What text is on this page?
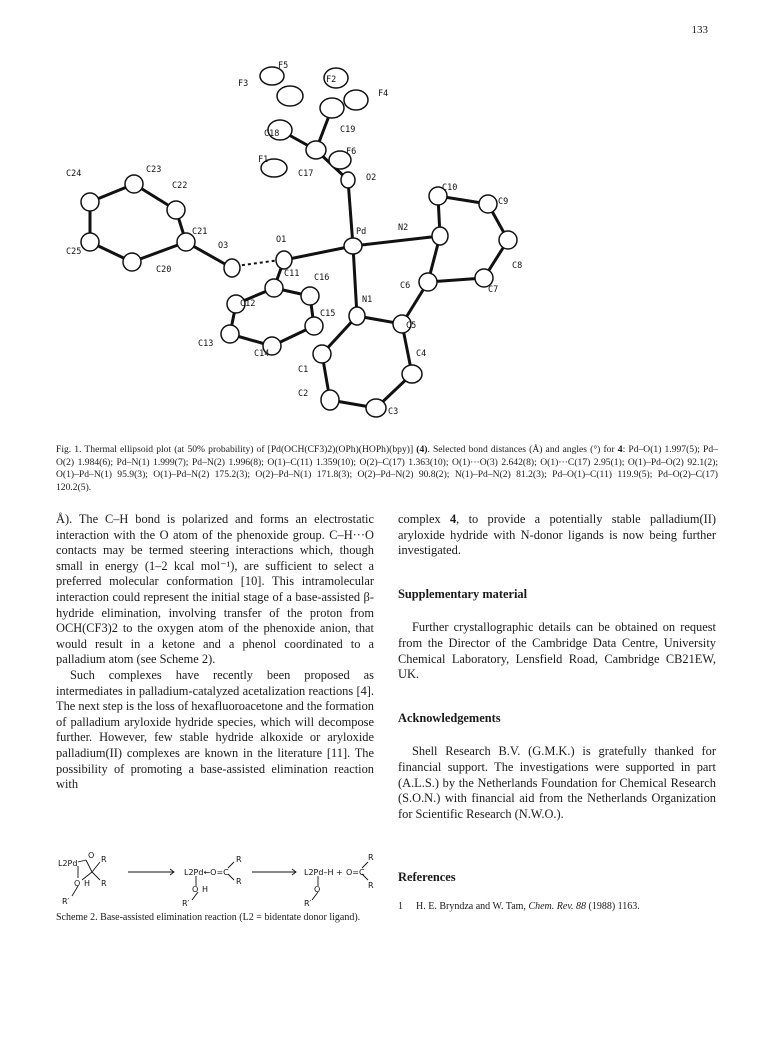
133
F3
F5
F2
F4
C18	C19
F1
F6
C17	O2
C24	C23
C22
C21
C25
C20
O3
O1
Pd	N2
C10
C9
C8
C7
C6
C11 C16
C12
C15
N1
C5
C13
C14
C1
C4
C2
C3
Fig. 1. Thermal ellipsoid plot (at 50% probability) of [Pd(OCH(CF3)2)(OPh)(HOPh)(bpy)] (4). Selected bond distances (Å) and angles (°) for 4: Pd–O(1) 1.997(5); Pd–O(2) 1.984(6); Pd–N(1) 1.999(7); Pd–N(2) 1.996(8); O(1)–C(11) 1.359(10); O(2)–C(17) 1.363(10); O(1)···O(3) 2.642(8); O(1)···C(17) 2.95(1); O(1)–Pd–O(2) 92.1(2); O(1)–Pd–N(1) 95.9(3); O(1)–Pd–N(2) 175.2(3); O(2)–Pd–N(1) 171.8(3); O(2)–Pd–N(2) 90.8(2); N(1)–Pd–N(2) 81.2(3); Pd–O(1)–C(11) 119.9(5); Pd–O(2)–C(17) 120.2(5).

Å). The C–H bond is polarized and forms an electrostatic interaction with the O atom of the phenoxide group. C–H···O contacts may be termed steering interactions which, though small in energy (1–2 kcal mol⁻¹), are sufficient to select a preferred molecular conformation [10]. This intramolecular interaction could represent the initial stage of a base-assisted β-hydride elimination, involving transfer of the proton from OCH(CF3)2 to the oxygen atom of the phenoxide anion, that would result in a ketone and a phenol coordinated to a palladium atom (see Scheme 2).

Such complexes have recently been proposed as intermediates in palladium-catalyzed acetalization reactions [4]. The next step is the loss of hexafluoroacetone and the formation of palladium aryloxide hydride species, which will decompose further. However, few stable hydride alkoxide or aryloxide palladium(II) complexes are known in the literature [11]. The possibility of promoting a base-assisted elimination reaction with

L2Pd	R
R
O
O H
R′
L2Pd←O=C
R
R
O H
R′
L2Pd–H
O
R′
+ O=C
R
R
Scheme 2. Base-assisted elimination reaction (L2 = bidentate donor ligand).

complex 4, to provide a potentially stable palladium(II) aryloxide hydride with N-donor ligands is now being further investigated.

Supplementary material

Further crystallographic details can be obtained on request from the Director of the Cambridge Data Centre, University Chemical Laboratory, Lensfield Road, Cambridge CB21EW, UK.

Acknowledgements

Shell Research B.V. (G.M.K.) is gratefully thanked for financial support. The investigations were supported in part (A.L.S.) by the Netherlands Foundation for Chemical Research (S.O.N.) with financial aid from the Netherlands Organization for Scientific Research (N.W.O.).

References
1	H. E. Bryndza and W. Tam, Chem. Rev. 88 (1988) 1163.
